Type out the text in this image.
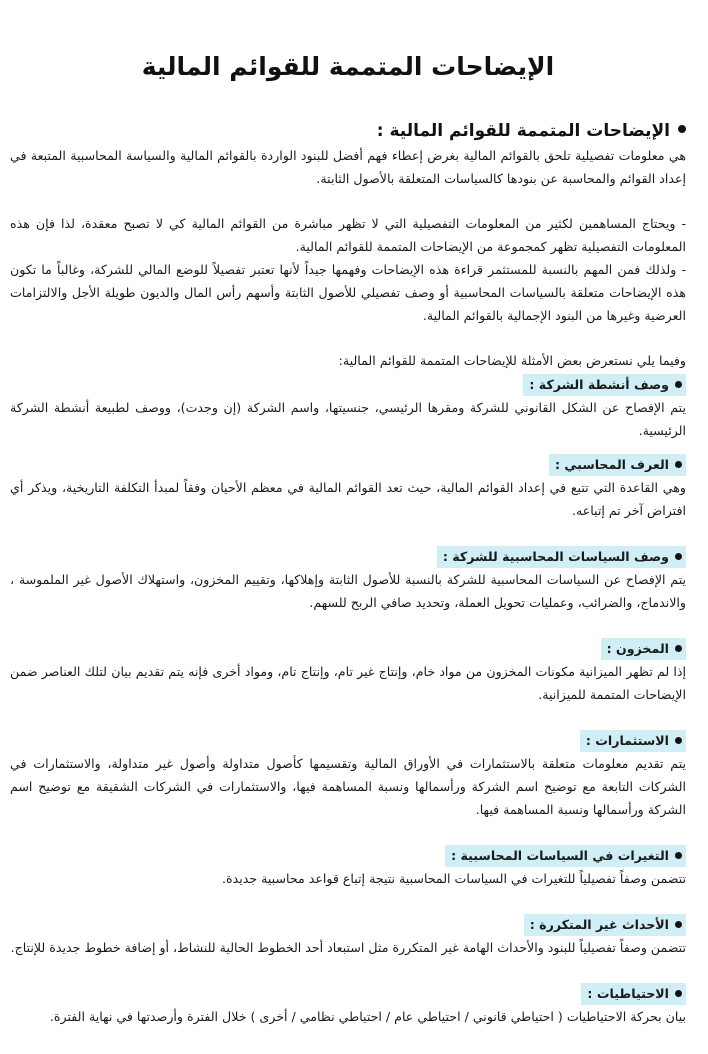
الإيضاحات المتممة للقوائم المالية
الإيضاحات المتممة للقوائم المالية :

هي معلومات تفصيلية تلحق بالقوائم المالية بغرض إعطاء فهم أفضل للبنود الواردة بالقوائم المالية والسياسة المحاسبية المتبعة في إعداد القوائم والمحاسبة عن بنودها كالسياسات المتعلقة بالأصول الثابتة.

- ويحتاج المساهمين لكثير من المعلومات التفصيلية التي لا تظهر مباشرة من القوائم المالية كي لا تصبح معقدة، لذا فإن هذه المعلومات التفصيلية تظهر كمجموعة من الإيضاحات المتممة للقوائم المالية.

- ولذلك فمن المهم بالنسبة للمستثمر قراءة هذه الإيضاحات وفهمها جيداً لأنها تعتبر تفصيلاً للوضع المالي للشركة، وغالباً ما تكون هذه الإيضاحات متعلقة بالسياسات المحاسبية أو وصف تفصيلي للأصول الثابتة وأسهم رأس المال والديون طويلة الأجل والالتزامات العرضية وغيرها من البنود الإجمالية بالقوائم المالية.

وفيما يلي نستعرض بعض الأمثلة للإيضاحات المتممة للقوائم المالية:

وصف أنشطة الشركة :

يتم الإفصاح عن الشكل القانوني للشركة ومقرها الرئيسي، جنسيتها، واسم الشركة (إن وجدت)، ووصف لطبيعة أنشطة الشركة الرئيسية.

العرف المحاسبي :

وهي القاعدة التي تتبع في إعداد القوائم المالية، حيث تعد القوائم المالية في معظم الأحيان وفقاً لمبدأ التكلفة التاريخية، ويذكر أي افتراض آخر تم إتباعه.

وصف السياسات المحاسبية للشركة :

يتم الإفصاح عن السياسات المحاسبية للشركة بالنسبة للأصول الثابتة وإهلاكها، وتقييم المخزون، واستهلاك الأصول غير الملموسة ، والاندماج، والضرائب، وعمليات تحويل العملة، وتحديد صافي الربح للسهم.

المخزون :

إذا لم تظهر الميزانية مكونات المخزون من مواد خام، وإنتاج غير تام، وإنتاج تام، ومواد أخرى فإنه يتم تقديم بيان لتلك العناصر ضمن الإيضاحات المتممة للميزانية.

الاستثمارات :

يتم تقديم معلومات متعلقة بالاستثمارات في الأوراق المالية وتقسيمها كأصول متداولة وأصول غير متداولة، والاستثمارات في الشركات التابعة مع توضيح اسم الشركة ورأسمالها ونسبة المساهمة فيها، والاستثمارات في الشركات الشقيقة مع توضيح اسم الشركة ورأسمالها ونسبة المساهمة فيها.

التغيرات في السياسات المحاسبية :

تتضمن وصفاً تفصيلياً للتغيرات في السياسات المحاسبية نتيجة إتباع قواعد محاسبية جديدة.

الأحداث غير المتكررة :

تتضمن وصفاً تفصيلياً للبنود والأحداث الهامة غير المتكررة مثل استبعاد أحد الخطوط الحالية للنشاط، أو إضافة خطوط جديدة للإنتاج.

الاحتياطيات :

بيان بحركة الاحتياطيات ( احتياطي قانوني / احتياطي عام / احتياطي نظامي / أخرى ) خلال الفترة وأرصدتها في نهاية الفترة.
